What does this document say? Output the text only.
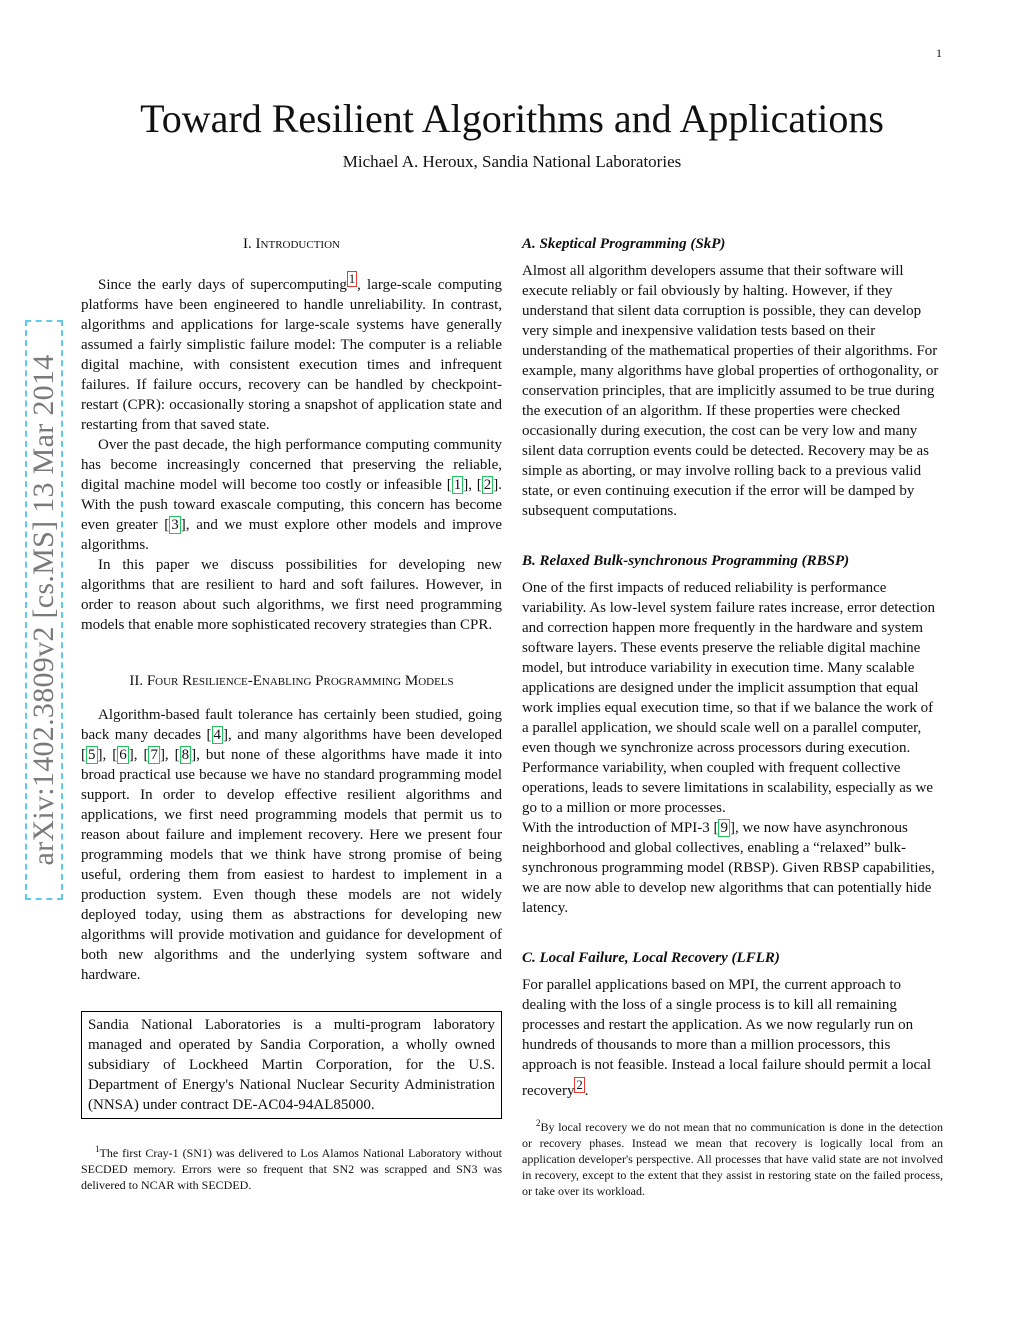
1
arXiv:1402.3809v2 [cs.MS] 13 Mar 2014
Toward Resilient Algorithms and Applications
Michael A. Heroux, Sandia National Laboratories
I. Introduction

Since the early days of supercomputing $^1$ , large-scale computing platforms have been engineered to handle unreliability. In contrast, algorithms and applications for large-scale systems have generally assumed a fairly simplistic failure model: The computer is a reliable digital machine, with consistent execution times and infrequent failures. If failure occurs, recovery can be handled by checkpoint-restart (CPR): occasionally storing a snapshot of application state and restarting from that saved state.

Over the past decade, the high performance computing community has become increasingly concerned that preserving the reliable, digital machine model will become too costly or infeasible [ 1 ], [ 2 ]. With the push toward exascale computing, this concern has become even greater [ 3 ], and we must explore other models and improve algorithms.

In this paper we discuss possibilities for developing new algorithms that are resilient to hard and soft failures. However, in order to reason about such algorithms, we first need programming models that enable more sophisticated recovery strategies than CPR.

II. Four Resilience-Enabling Programming Models

Algorithm-based fault tolerance has certainly been studied, going back many decades [ 4 ], and many algorithms have been developed [ 5 ], [ 6 ], [ 7 ], [ 8 ], but none of these algorithms have made it into broad practical use because we have no standard programming model support. In order to develop effective resilient algorithms and applications, we first need programming models that permit us to reason about failure and implement recovery. Here we present four programming models that we think have strong promise of being useful, ordering them from easiest to hardest to implement in a production system. Even though these models are not widely deployed today, using them as abstractions for developing new algorithms will provide motivation and guidance for development of both new algorithms and the underlying system software and hardware.

Sandia National Laboratories is a multi-program laboratory managed and operated by Sandia Corporation, a wholly owned subsidiary of Lockheed Martin Corporation, for the U.S. Department of Energy's National Nuclear Security Administration (NNSA) under contract DE-AC04-94AL85000.

$^1$The first Cray-1 (SN1) was delivered to Los Alamos National Laboratory without SECDED memory. Errors were so frequent that SN2 was scrapped and SN3 was delivered to NCAR with SECDED.

A. Skeptical Programming (SkP)

Almost all algorithm developers assume that their software will execute reliably or fail obviously by halting. However, if they understand that silent data corruption is possible, they can develop very simple and inexpensive validation tests based on their understanding of the mathematical properties of their algorithms. For example, many algorithms have global properties of orthogonality, or conservation principles, that are implicitly assumed to be true during the execution of an algorithm. If these properties were checked occasionally during execution, the cost can be very low and many silent data corruption events could be detected. Recovery may be as simple as aborting, or may involve rolling back to a previous valid state, or even continuing execution if the error will be damped by subsequent computations.

B. Relaxed Bulk-synchronous Programming (RBSP)

One of the first impacts of reduced reliability is performance variability. As low-level system failure rates increase, error detection and correction happen more frequently in the hardware and system software layers. These events preserve the reliable digital machine model, but introduce variability in execution time. Many scalable applications are designed under the implicit assumption that equal work implies equal execution time, so that if we balance the work of a parallel application, we should scale well on a parallel computer, even though we synchronize across processors during execution. Performance variability, when coupled with frequent collective operations, leads to severe limitations in scalability, especially as we go to a million or more processes.

With the introduction of MPI-3 [ 9 ], we now have asynchronous neighborhood and global collectives, enabling a “relaxed” bulk-synchronous programming model (RBSP). Given RBSP capabilities, we are now able to develop new algorithms that can potentially hide latency.

C. Local Failure, Local Recovery (LFLR)

For parallel applications based on MPI, the current approach to dealing with the loss of a single process is to kill all remaining processes and restart the application. As we now regularly run on hundreds of thousands to more than a million processors, this approach is not feasible. Instead a local failure should permit a local recovery $^2$ .

$^2$By local recovery we do not mean that no communication is done in the detection or recovery phases. Instead we mean that recovery is logically local from an application developer's perspective. All processes that have valid state are not involved in recovery, except to the extent that they assist in restoring state on the failed process, or take over its workload.
